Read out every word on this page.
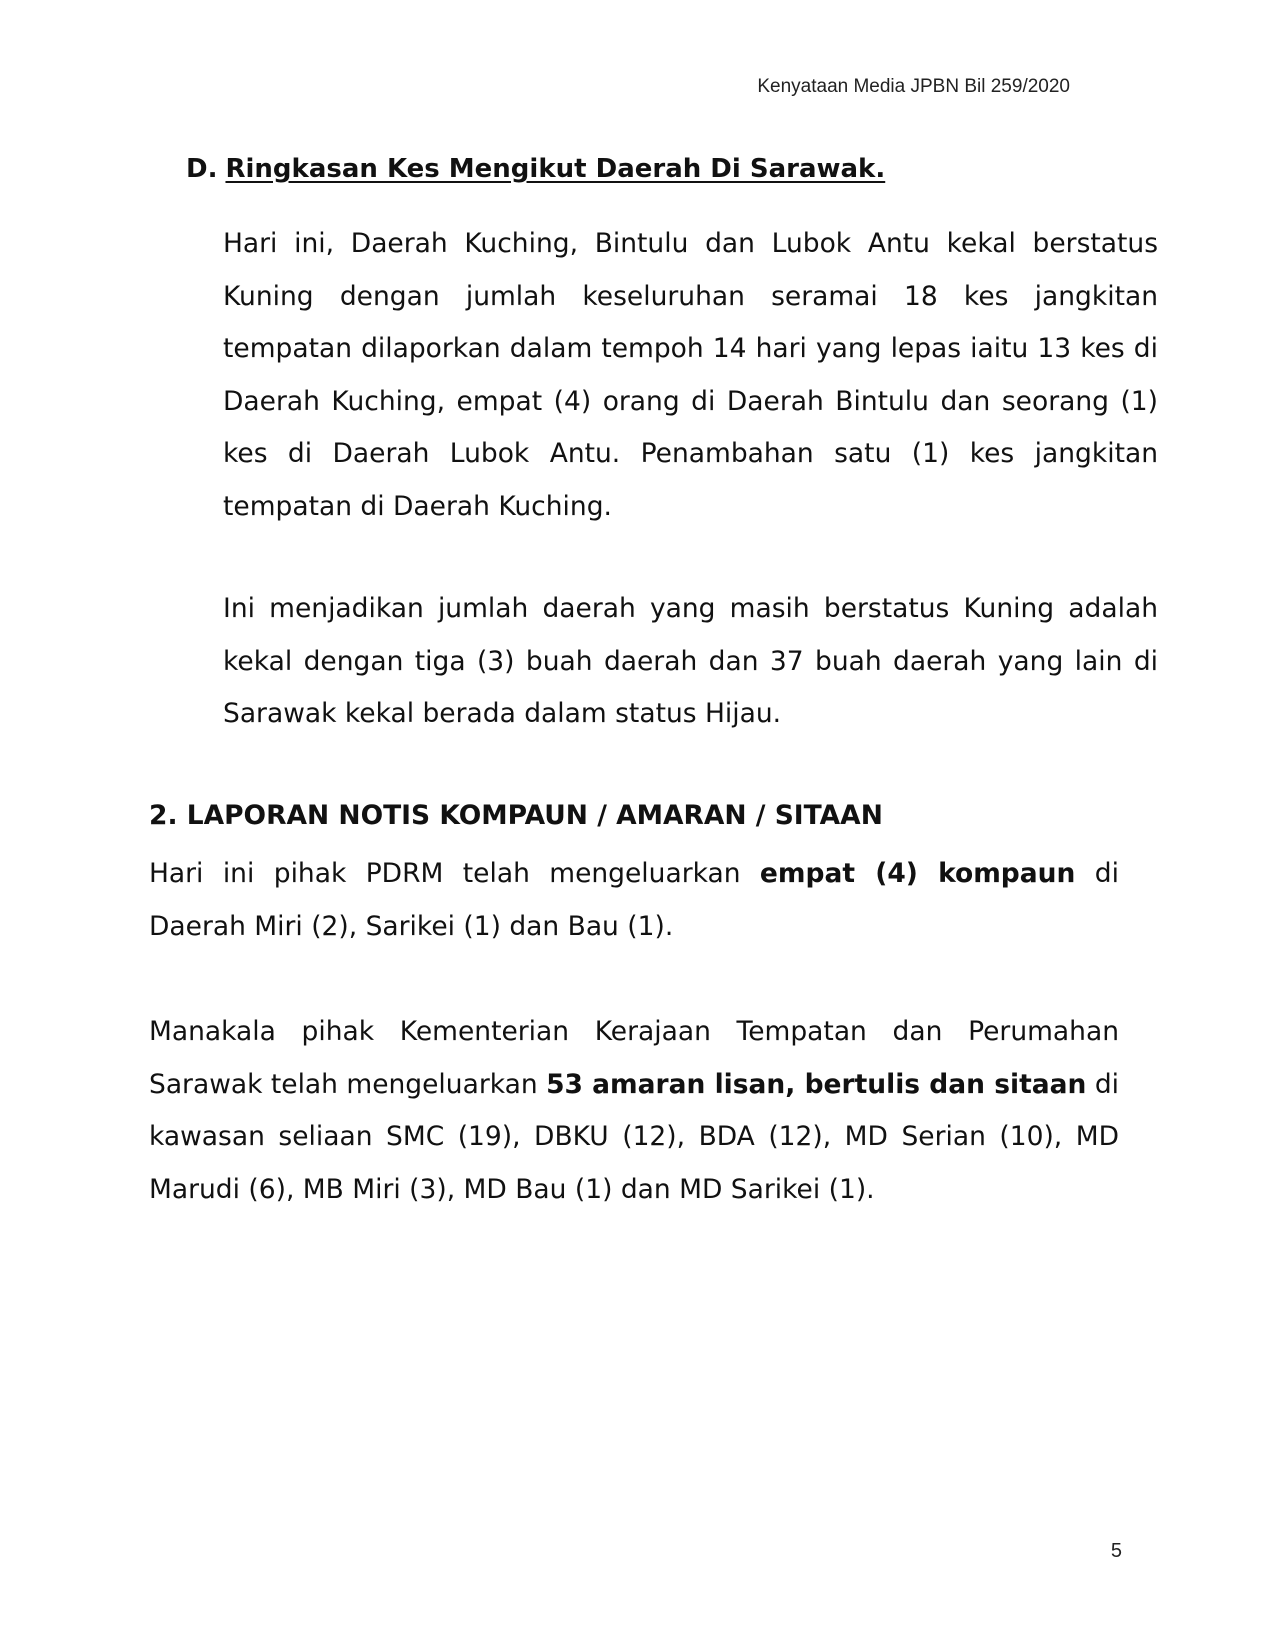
Kenyataan Media JPBN Bil 259/2020
D. Ringkasan Kes Mengikut Daerah Di Sarawak.

Hari ini, Daerah Kuching, Bintulu dan Lubok Antu kekal berstatus Kuning dengan jumlah keseluruhan seramai 18 kes jangkitan tempatan dilaporkan dalam tempoh 14 hari yang lepas iaitu 13 kes di Daerah Kuching, empat (4) orang di Daerah Bintulu dan seorang (1) kes di Daerah Lubok Antu. Penambahan satu (1) kes jangkitan tempatan di Daerah Kuching.

Ini menjadikan jumlah daerah yang masih berstatus Kuning adalah kekal dengan tiga (3) buah daerah dan 37 buah daerah yang lain di Sarawak kekal berada dalam status Hijau.

2. LAPORAN NOTIS KOMPAUN / AMARAN / SITAAN

Hari ini pihak PDRM telah mengeluarkan empat (4) kompaun di Daerah Miri (2), Sarikei (1) dan Bau (1).

Manakala pihak Kementerian Kerajaan Tempatan dan Perumahan Sarawak telah mengeluarkan 53 amaran lisan, bertulis dan sitaan di kawasan seliaan SMC (19), DBKU (12), BDA (12), MD Serian (10), MD Marudi (6), MB Miri (3), MD Bau (1) dan MD Sarikei (1).

5
